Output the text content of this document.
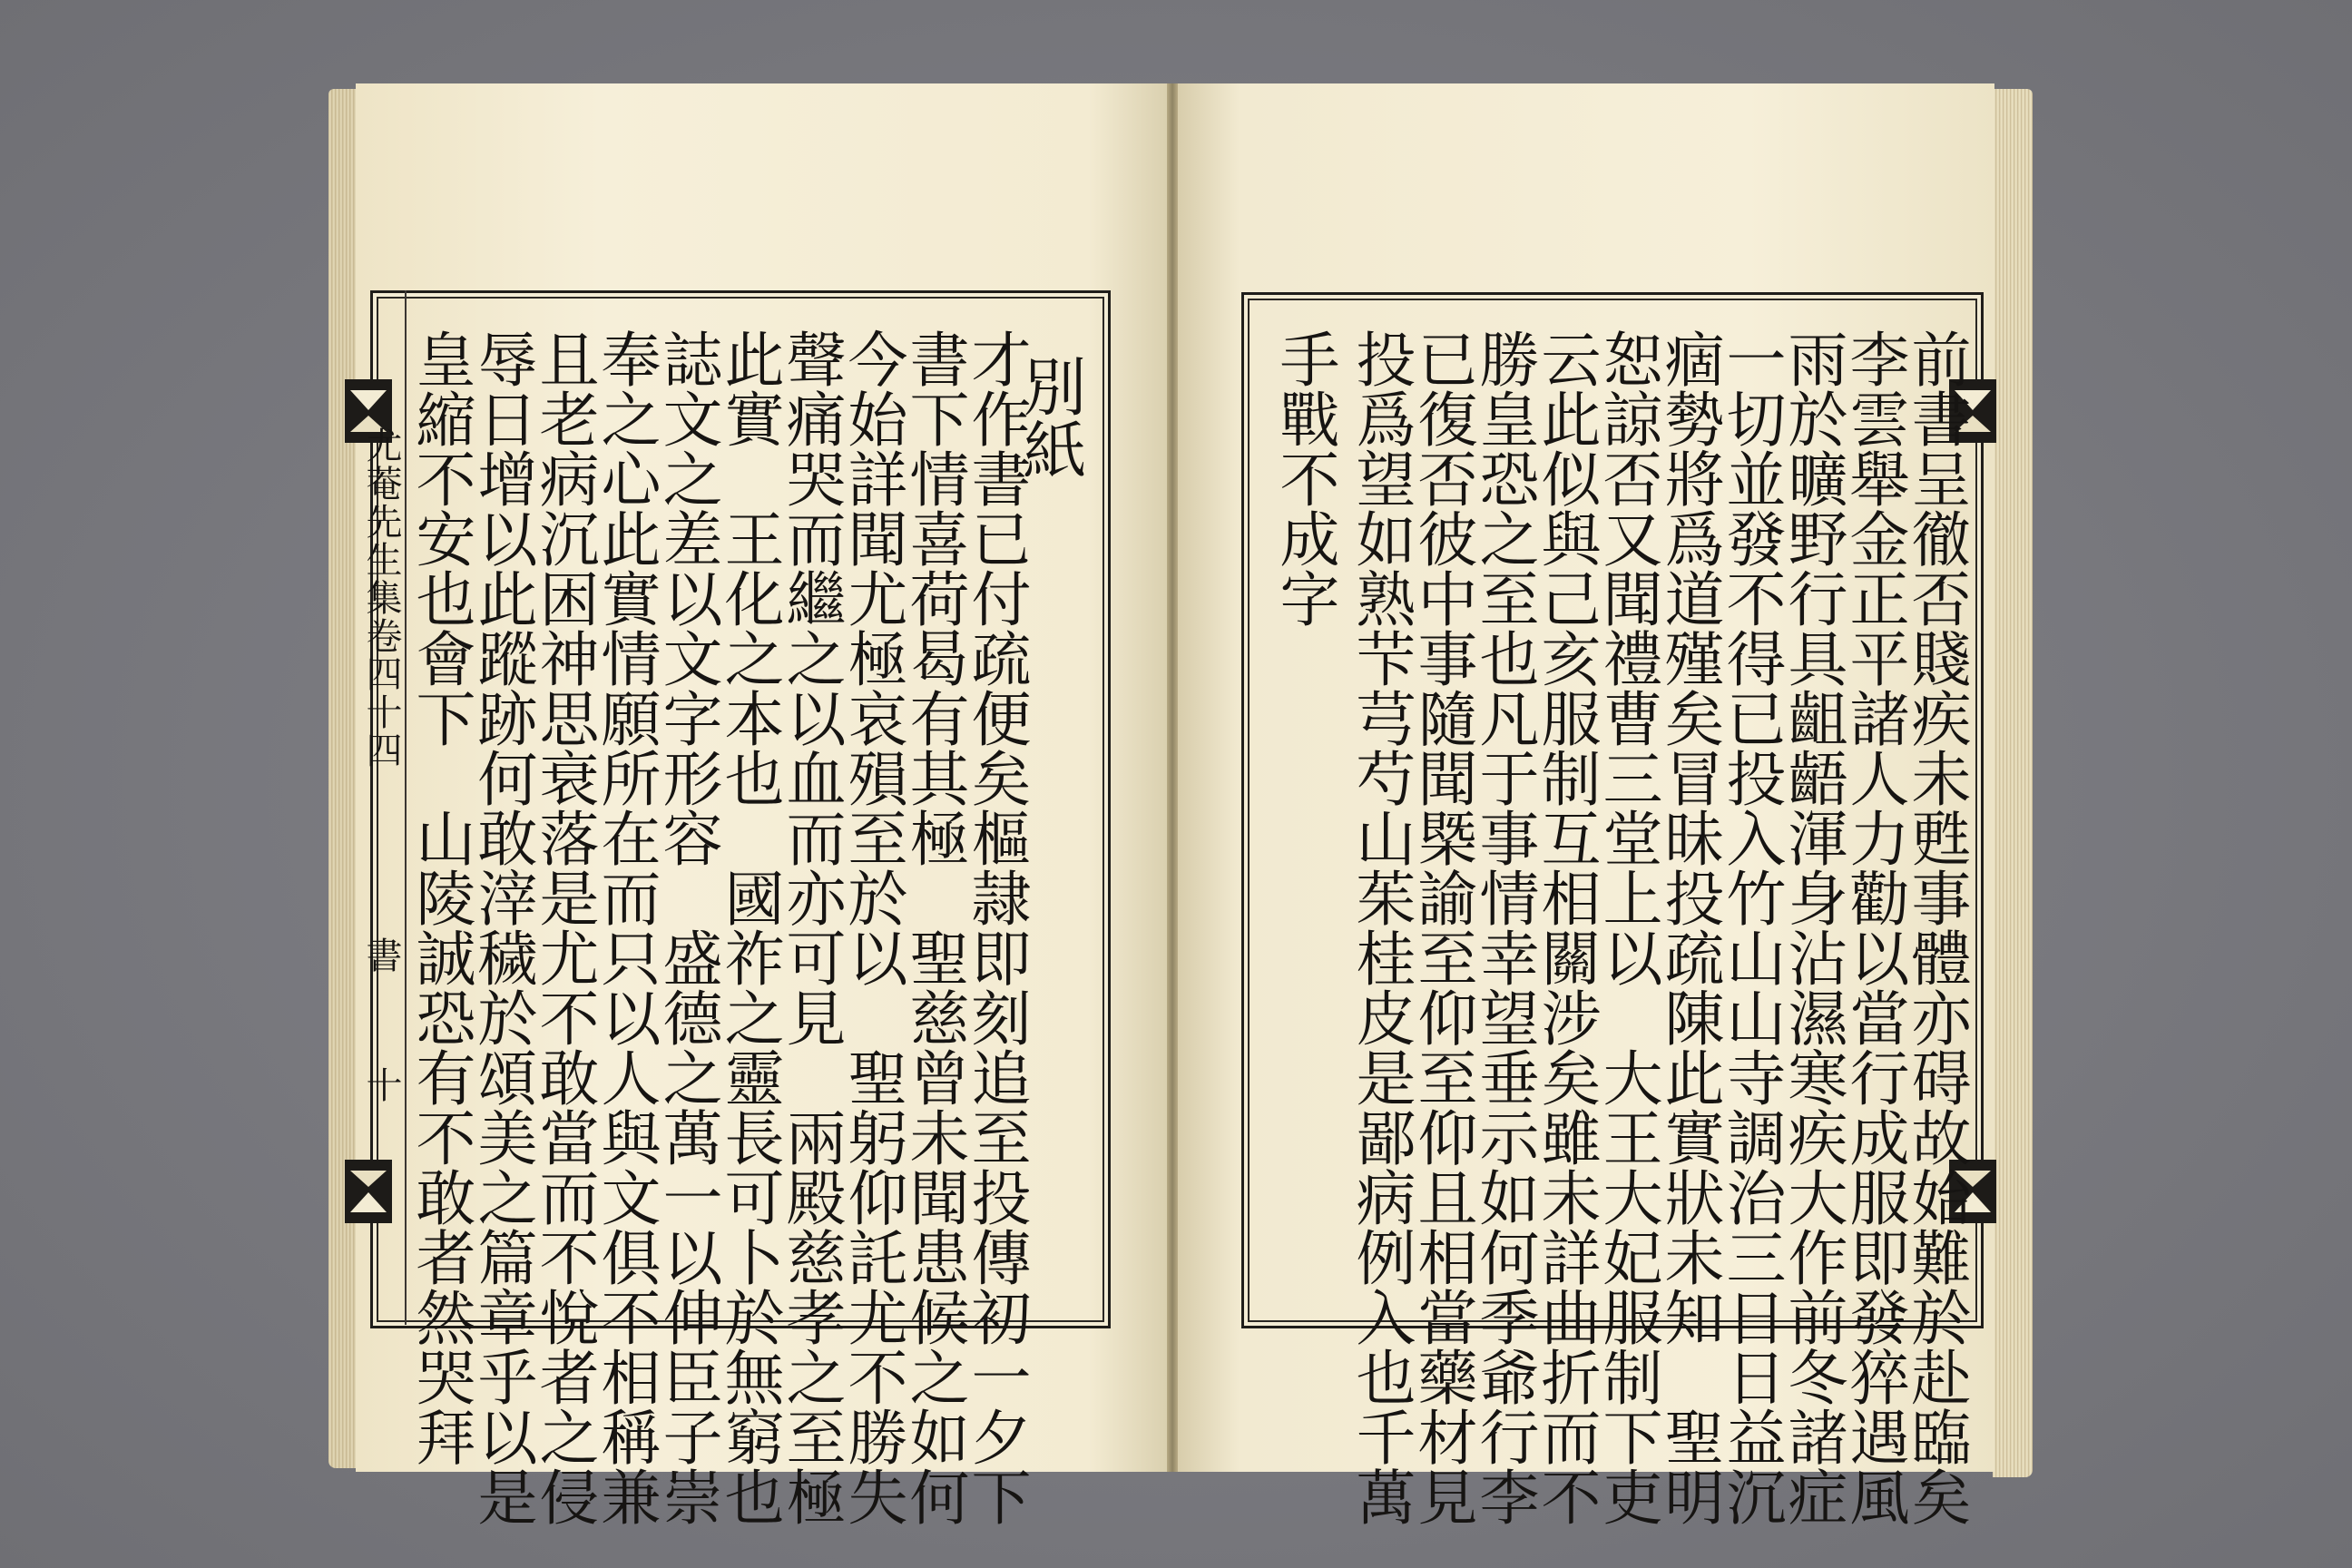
尤菴先生集卷四十四
書
十
別紙
才作書已付疏便矣樞隷即刻追至投傳初一夕下
書下情喜荷曷有其極　聖慈曾未聞患候之如何
今始詳聞尤極哀殞至於以　聖躬仰託尤不勝失
聲痛哭而繼之以血而亦可見　兩殿慈孝之至極
此實　王化之本也　國祚之靈長可卜於無窮也
誌文之差以文字形容　盛德之萬一以伸臣子崇
奉之心此實情願所在而只以人與文俱不相稱兼
且老病沉困神思衰落是尤不敢當而不悅者之侵
辱日增以此蹤跡何敢滓穢於頌美之篇章乎以是
皇縮不安也會下　山陵誠恐有不敢者然哭拜	前書呈徹否賤疾未甦事體亦碍故始難於赴臨矣
李雲舉金正平諸人力勸以當行成服即發猝遇風
雨於曠野行具齟齬渾身沾濕寒疾大作前冬諸症
一切並發不得已投入竹山山寺調治三日日益沉
痼勢將爲道殣矣冒昧投疏陳此實狀未知　聖明
恕諒否又聞禮曹三堂上以　大王大妃服制下吏
云此似與己亥服制互相關涉矣雖未詳曲折而不
勝皇恐之至也凡于事情幸望垂示如何季爺行李
已復否彼中事隨聞槩諭至仰至仰且相當藥材見
投爲望如熟芐芎芍山茱桂皮是鄙病例入也千萬
手戰不成字
